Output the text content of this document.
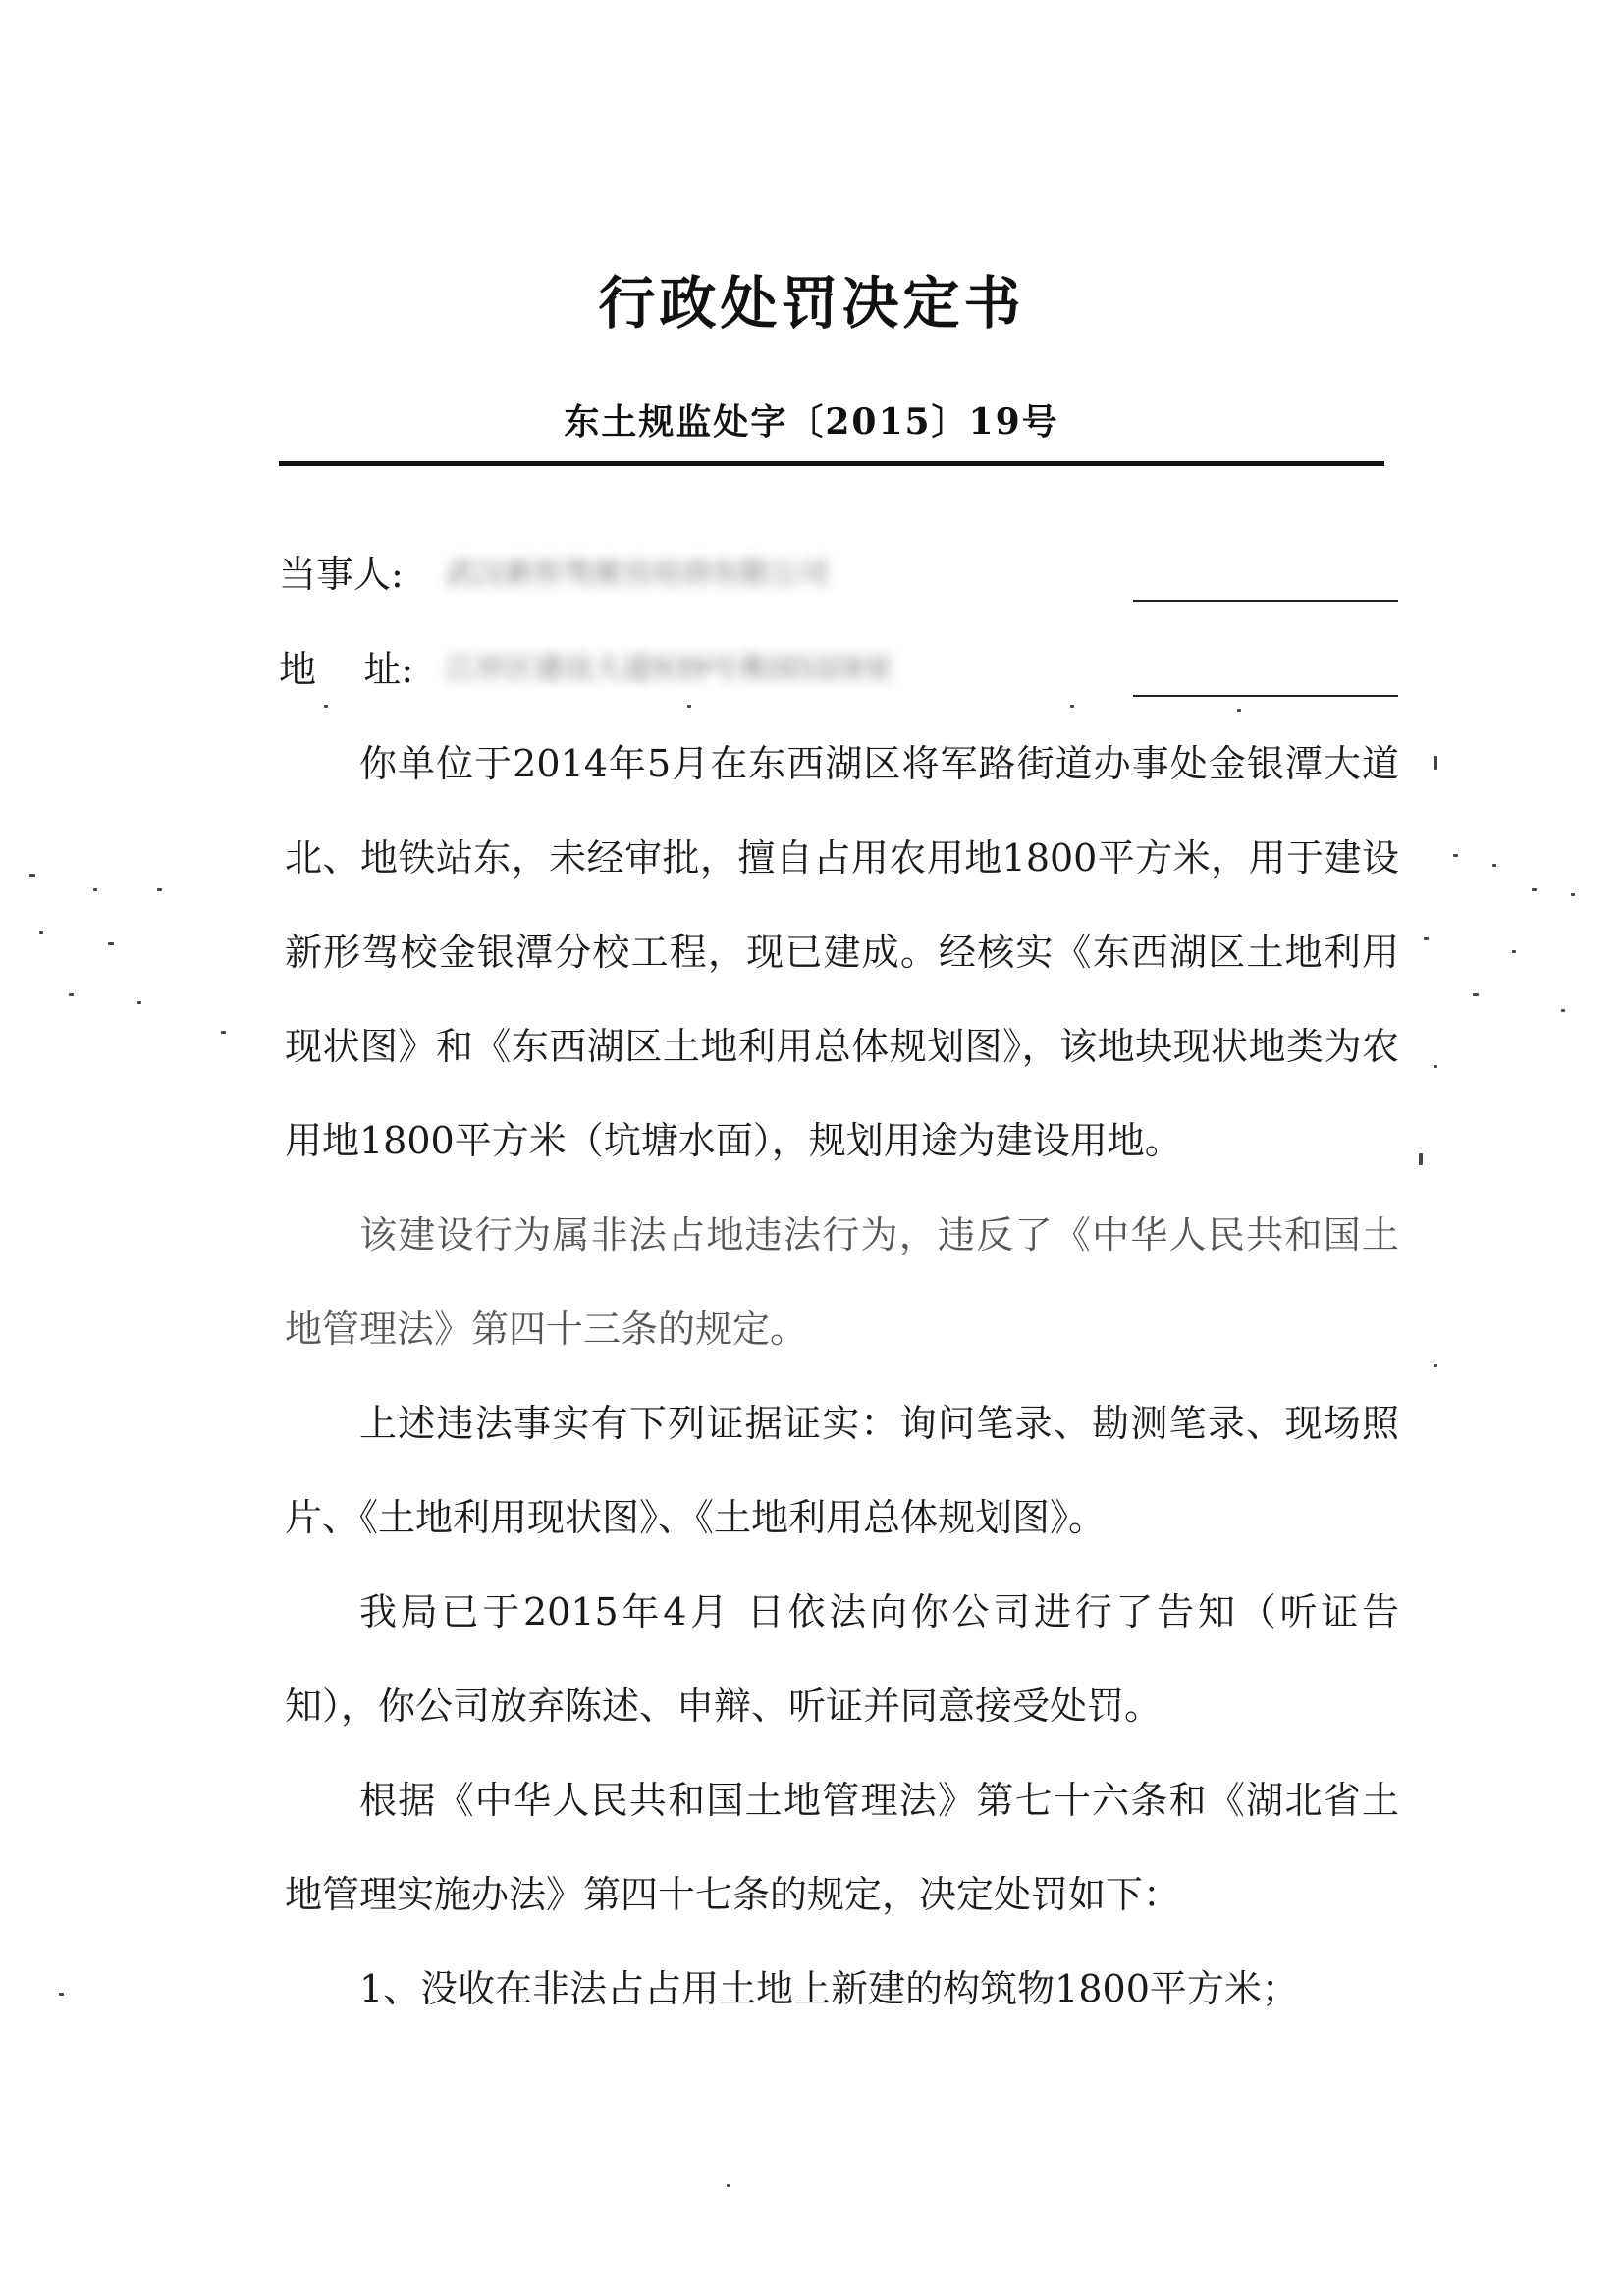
行政处罚决定书
东土规监处字〔2015〕19号
当事人: 武汉新形驾驶员培训有限公司
地    址: 江岸区建设大道939号奥园5层8室

你单位于2014年5月在东西湖区将军路街道办事处金银潭大道北、地铁站东，未经审批，擅自占用农用地1800平方米，用于建设新形驾校金银潭分校工程，现已建成。经核实《东西湖区土地利用现状图》和《东西湖区土地利用总体规划图》，该地块现状地类为农用地1800平方米（坑塘水面），规划用途为建设用地。

该建设行为属非法占地违法行为，违反了《中华人民共和国土地管理法》第四十三条的规定。

上述违法事实有下列证据证实：询问笔录、勘测笔录、现场照片、《土地利用现状图》、《土地利用总体规划图》。

我局已于2015年4月 日依法向你公司进行了告知（听证告知），你公司放弃陈述、申辩、听证并同意接受处罚。

根据《中华人民共和国土地管理法》第七十六条和《湖北省土地管理实施办法》第四十七条的规定，决定处罚如下：

1、没收在非法占占用土地上新建的构筑物1800平方米；
